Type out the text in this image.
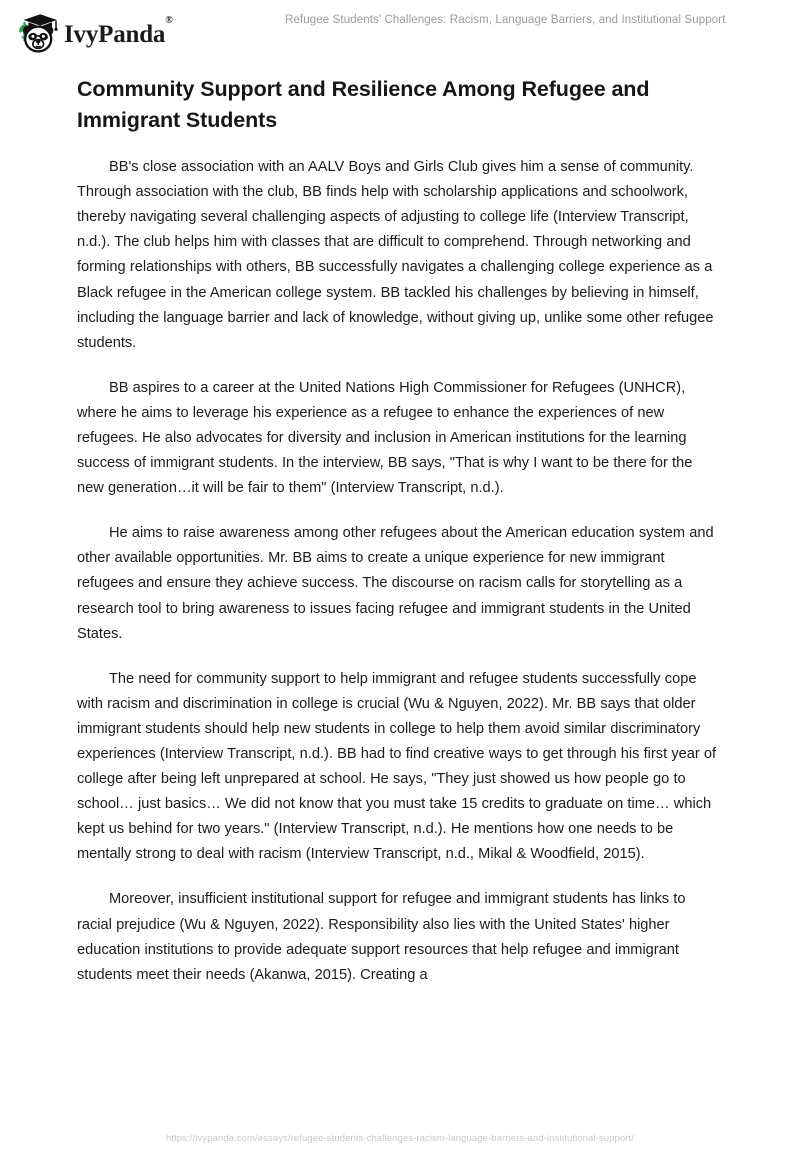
IvyPanda®	Refugee Students’ Challenges: Racism, Language Barriers, and Institutional Support
Community Support and Resilience Among Refugee and Immigrant Students

BB's close association with an AALV Boys and Girls Club gives him a sense of community. Through association with the club, BB finds help with scholarship applications and schoolwork, thereby navigating several challenging aspects of adjusting to college life (Interview Transcript, n.d.). The club helps him with classes that are difficult to comprehend. Through networking and forming relationships with others, BB successfully navigates a challenging college experience as a Black refugee in the American college system. BB tackled his challenges by believing in himself, including the language barrier and lack of knowledge, without giving up, unlike some other refugee students.

BB aspires to a career at the United Nations High Commissioner for Refugees (UNHCR), where he aims to leverage his experience as a refugee to enhance the experiences of new refugees. He also advocates for diversity and inclusion in American institutions for the learning success of immigrant students. In the interview, BB says, "That is why I want to be there for the new generation…it will be fair to them" (Interview Transcript, n.d.).

He aims to raise awareness among other refugees about the American education system and other available opportunities. Mr. BB aims to create a unique experience for new immigrant refugees and ensure they achieve success. The discourse on racism calls for storytelling as a research tool to bring awareness to issues facing refugee and immigrant students in the United States.

The need for community support to help immigrant and refugee students successfully cope with racism and discrimination in college is crucial (Wu & Nguyen, 2022). Mr. BB says that older immigrant students should help new students in college to help them avoid similar discriminatory experiences (Interview Transcript, n.d.). BB had to find creative ways to get through his first year of college after being left unprepared at school. He says, "They just showed us how people go to school… just basics… We did not know that you must take 15 credits to graduate on time… which kept us behind for two years." (Interview Transcript, n.d.). He mentions how one needs to be mentally strong to deal with racism (Interview Transcript, n.d., Mikal & Woodfield, 2015).

Moreover, insufficient institutional support for refugee and immigrant students has links to racial prejudice (Wu & Nguyen, 2022). Responsibility also lies with the United States' higher education institutions to provide adequate support resources that help refugee and immigrant students meet their needs (Akanwa, 2015). Creating a

https://ivypanda.com/essays/refugee-students-challenges-racism-language-barriers-and-institutional-support/
